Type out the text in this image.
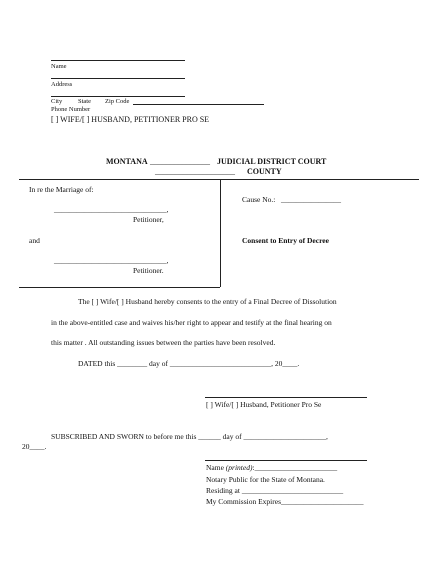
Name
Address
City State Zip Code
Phone Number
[ ] WIFE/[ ] HUSBAND, PETITIONER PRO SE
MONTANA _______________ JUDICIAL DISTRICT COURT
____________________ COUNTY
In re the Marriage of:
______________________________,
Petitioner,
and
______________________________,
Petitioner.
Cause No.: ________________
Consent to Entry of Decree
The [ ] Wife/[ ] Husband hereby consents to the entry of a Final Decree of Dissolution
in the above-entitled case and waives his/her right to appear and testify at the final hearing on
this matter . All outstanding issues between the parties have been resolved.
DATED this ________ day of ___________________________, 20____.
[ ] Wife/[ ] Husband, Petitioner Pro Se
SUBSCRIBED AND SWORN to before me this ______ day of ______________________,
20____.
Name (printed):______________________
Notary Public for the State of Montana.
Residing at ___________________________
My Commission Expires______________________
